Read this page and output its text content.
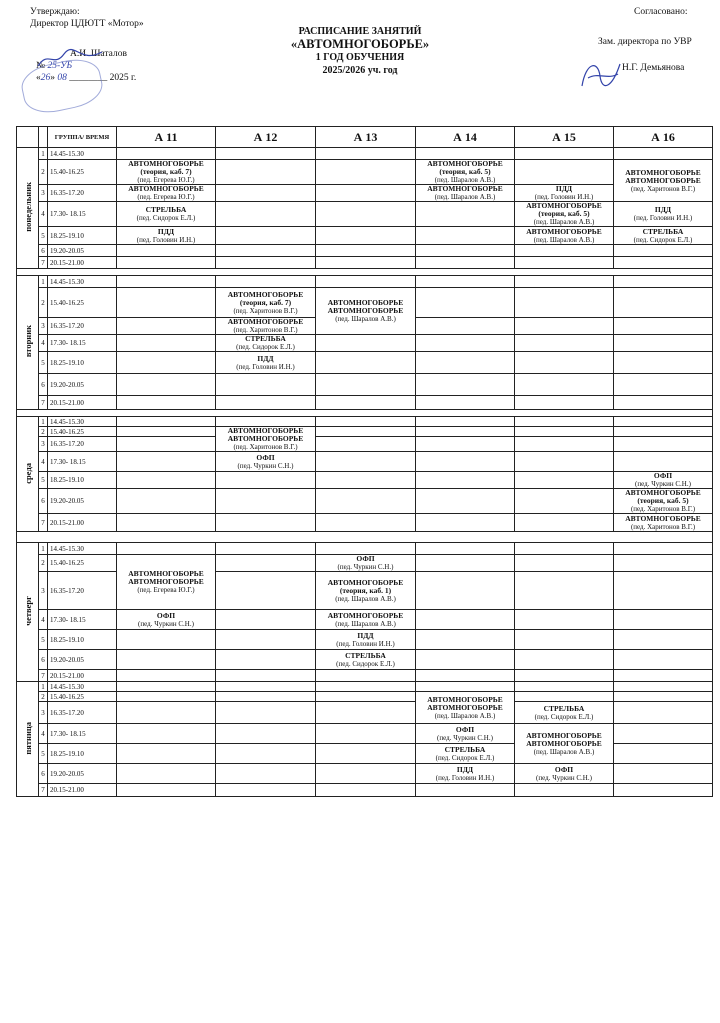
Утверждаю:
Директор ЦДЮТТ «Мотор»
А.И. Шаталов
№ 25-УБ
«26» 08 ________ 2025 г.
РАСПИСАНИЕ ЗАНЯТИЙ
«АВТОМНОГОБОРЬЕ»
1 ГОД ОБУЧЕНИЯ
2025/2026 уч. год
Согласовано:
Зам. директора по УВР
Н.Г. Демьянова
		ГРУППА/ ВРЕМЯ	А 11	А 12	А 13	А 14	А 15	А 16
понедельник	1	14.45-15.30						
	2	15.40-16.25	АВТОМНОГОБОРЬЕ
(теория, каб. 7)
(пед. Егерева Ю.Г.)			АВТОМНОГОБОРЬЕ
(теория, каб. 5)
(пед. Шаралов А.В.)		АВТОМНОГОБОРЬЕ
АВТОМНОГОБОРЬЕ
(пед. Харитонов В.Г.)

	3	16.35-17.20	АВТОМНОГОБОРЬЕ
(пед. Егерева Ю.Г.)			АВТОМНОГОБОРЬЕ
(пед. Шаралов А.В.)	ПДД
(пед. Головин И.Н.)	

	4	17.30- 18.15	СТРЕЛЬБА
(пед. Сидорок Е.Л.)				АВТОМНОГОБОРЬЕ
(теория, каб. 5)
(пед. Шаралов А.В.)	ПДД
(пед. Головин И.Н.)

	5	18.25-19.10	ПДД
(пед. Головин И.Н.)				АВТОМНОГОБОРЬЕ
(пед. Шаралов А.В.)	СТРЕЛЬБА
(пед. Сидорок Е.Л.)

	6	19.20-20.05						
	7	20.15-21.00						

вторник	1	14.45-15.30						
	2	15.40-16.25		АВТОМНОГОБОРЬЕ
(теория, каб. 7)
(пед. Харитонов В.Г.)	АВТОМНОГОБОРЬЕ
АВТОМНОГОБОРЬЕ
(пед. Шаралов А.В.)			

	3	16.35-17.20		АВТОМНОГОБОРЬЕ
(пед. Харитонов В.Г.)				

	4	17.30- 18.15		СТРЕЛЬБА
(пед. Сидорок Е.Л.)				

	5	18.25-19.10		ПДД
(пед. Головин И.Н.)				

	6	19.20-20.05						
	7	20.15-21.00						

среда	1	14.45-15.30						
	2	15.40-16.25		АВТОМНОГОБОРЬЕ
АВТОМНОГОБОРЬЕ
(пед. Харитонов В.Г.)				

	3	16.35-17.20						
	4	17.30- 18.15		ОФП
(пед. Чуркин С.Н.)				

	5	18.25-19.10						ОФП
(пед. Чуркин С.Н.)

	6	19.20-20.05						АВТОМНОГОБОРЬЕ
(теория, каб. 5)
(пед. Харитонов В.Г.)

	7	20.15-21.00						АВТОМНОГОБОРЬЕ
(пед. Харитонов В.Г.)

четверг	1	14.45-15.30						
	2	15.40-16.25	АВТОМНОГОБОРЬЕ
АВТОМНОГОБОРЬЕ
(пед. Егерева Ю.Г.)		ОФП
(пед. Чуркин С.Н.)			

	3	16.35-17.20			АВТОМНОГОБОРЬЕ
(теория, каб. 1)
(пед. Шаралов А.В.)			

	4	17.30- 18.15	ОФП
(пед. Чуркин С.Н.)		АВТОМНОГОБОРЬЕ
(пед. Шаралов А.В.)			

	5	18.25-19.10			ПДД
(пед. Головин И.Н.)			

	6	19.20-20.05			СТРЕЛЬБА
(пед. Сидорок Е.Л.)			

	7	20.15-21.00						
пятница	1	14.45-15.30						
	2	15.40-16.25				АВТОМНОГОБОРЬЕ
АВТОМНОГОБОРЬЕ
(пед. Шаралов А.В.)		

	3	16.35-17.20					СТРЕЛЬБА
(пед. Сидорок Е.Л.)	

	4	17.30- 18.15				ОФП
(пед. Чуркин С.Н.)	АВТОМНОГОБОРЬЕ
АВТОМНОГОБОРЬЕ
(пед. Шаралов А.В.)	

	5	18.25-19.10				СТРЕЛЬБА
(пед. Сидорок Е.Л.)		

	6	19.20-20.05				ПДД
(пед. Головин И.Н.)	ОФП
(пед. Чуркин С.Н.)	

	7	20.15-21.00						
